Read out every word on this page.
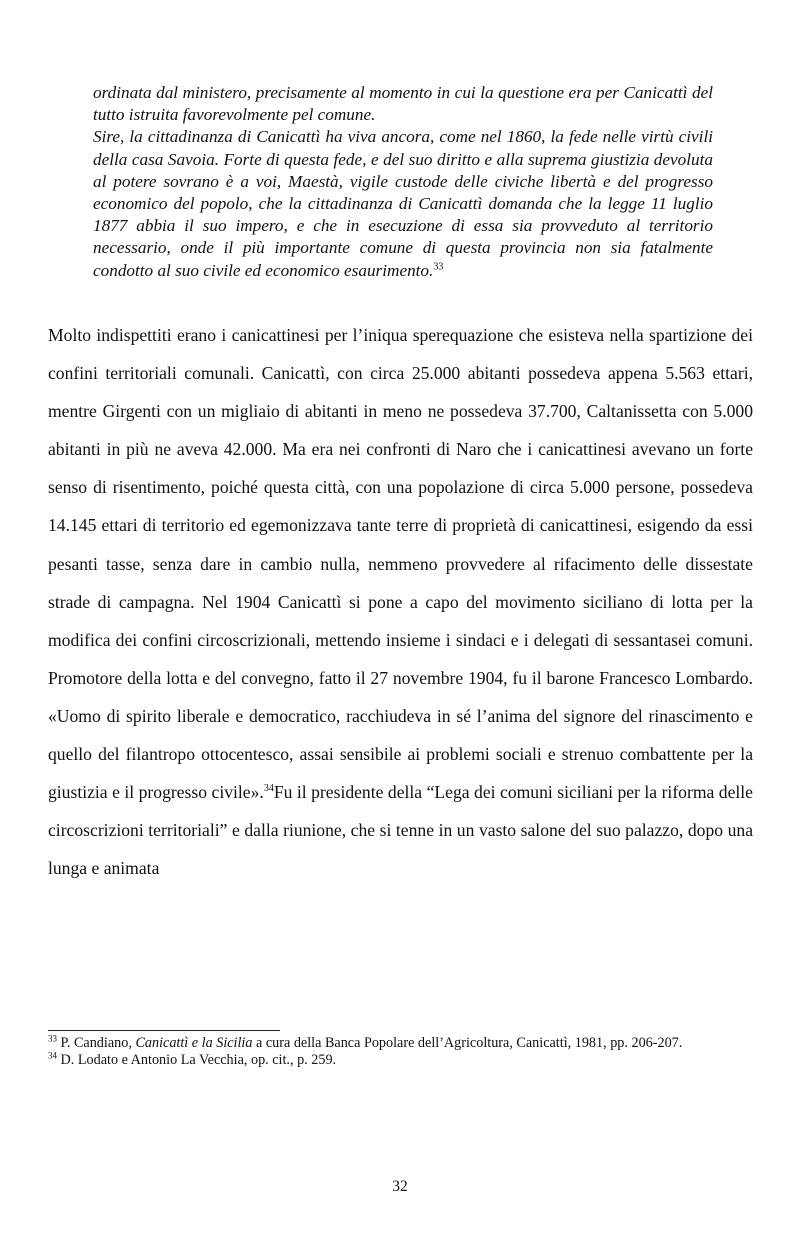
ordinata dal ministero, precisamente al momento in cui la questione era per Canicattì del tutto istruita favorevolmente pel comune.

Sire, la cittadinanza di Canicattì ha viva ancora, come nel 1860, la fede nelle virtù civili della casa Savoia. Forte di questa fede, e del suo diritto e alla suprema giustizia devoluta al potere sovrano è a voi, Maestà, vigile custode delle civiche libertà e del progresso economico del popolo, che la cittadinanza di Canicattì domanda che la legge 11 luglio 1877 abbia il suo impero, e che in esecuzione di essa sia provveduto al territorio necessario, onde il più importante comune di questa provincia non sia fatalmente condotto al suo civile ed economico esaurimento.$^{33}$

Molto indispettiti erano i canicattinesi per l’iniqua sperequazione che esisteva nella spartizione dei confini territoriali comunali. Canicattì, con circa 25.000 abitanti possedeva appena 5.563 ettari, mentre Girgenti con un migliaio di abitanti in meno ne possedeva 37.700, Caltanissetta con 5.000 abitanti in più ne aveva 42.000. Ma era nei confronti di Naro che i canicattinesi avevano un forte senso di risentimento, poiché questa città, con una popolazione di circa 5.000 persone, possedeva 14.145 ettari di territorio ed egemonizzava tante terre di proprietà di canicattinesi, esigendo da essi pesanti tasse, senza dare in cambio nulla, nemmeno provvedere al rifacimento delle dissestate strade di campagna. Nel 1904 Canicattì si pone a capo del movimento siciliano di lotta per la modifica dei confini circoscrizionali, mettendo insieme i sindaci e i delegati di sessantasei comuni. Promotore della lotta e del convegno, fatto il 27 novembre 1904, fu il barone Francesco Lombardo. «Uomo di spirito liberale e democratico, racchiudeva in sé l’anima del signore del rinascimento e quello del filantropo ottocentesco, assai sensibile ai problemi sociali e strenuo combattente per la giustizia e il progresso civile».$^{34}$Fu il presidente della “Lega dei comuni siciliani per la riforma delle circoscrizioni territoriali” e dalla riunione, che si tenne in un vasto salone del suo palazzo, dopo una lunga e animata

$^{33}$ P. Candiano, Canicattì e la Sicilia a cura della Banca Popolare dell’Agricoltura, Canicattì, 1981, pp. 206-207.

$^{34}$ D. Lodato e Antonio La Vecchia, op. cit., p. 259.

32
